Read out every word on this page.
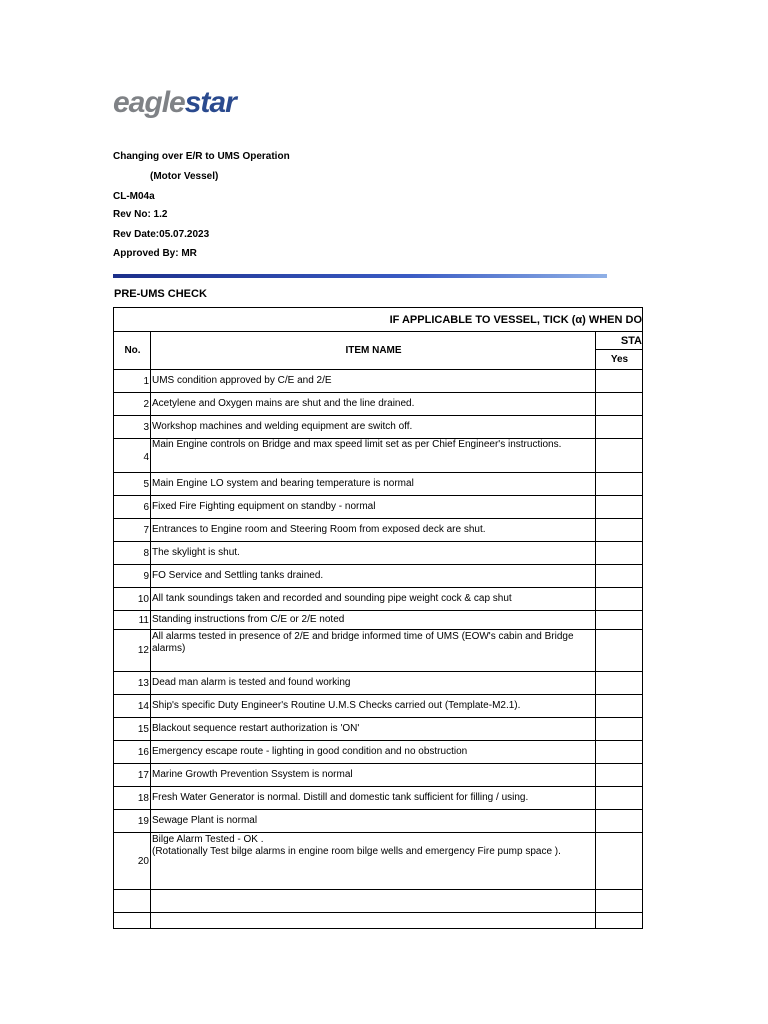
eaglestar
Changing over E/R to UMS Operation
(Motor Vessel)
CL-M04a
Rev No: 1.2
Rev Date:05.07.2023
Approved By: MR
PRE-UMS CHECK
IF APPLICABLE TO VESSEL, TICK (α) WHEN DO		

No.	ITEM NAME	STA

		Yes
1	UMS condition approved by C/E and 2/E	
2	Acetylene and Oxygen mains are shut and the line drained.	
3	Workshop machines and welding equipment are switch off.	
4	Main Engine controls on Bridge and max speed limit set as per Chief Engineer's instructions.	
5	Main Engine LO system and bearing temperature is normal	
6	Fixed Fire Fighting equipment on standby - normal	
7	Entrances to Engine room and Steering Room from exposed deck are shut.	
8	The skylight is shut.	
9	FO Service and Settling tanks drained.	
10	All tank soundings taken and recorded and sounding pipe weight cock & cap shut	
11	Standing instructions from C/E or 2/E noted	
12	All alarms tested in presence of 2/E and bridge informed time of UMS (EOW's cabin and Bridge alarms)	
13	Dead man alarm is tested and found working	
14	Ship's specific Duty Engineer's Routine U.M.S Checks carried out (Template-M2.1).	
15	Blackout sequence restart authorization is 'ON'	
16	Emergency escape route - lighting in good condition and no obstruction	
17	Marine Growth Prevention Ssystem is normal	
18	Fresh Water Generator is normal. Distill and domestic tank sufficient for filling / using.	
19	Sewage Plant is normal	
20	Bilge Alarm Tested - OK .
(Rotationally Test bilge alarms in engine room bilge wells and emergency Fire pump space ).	
